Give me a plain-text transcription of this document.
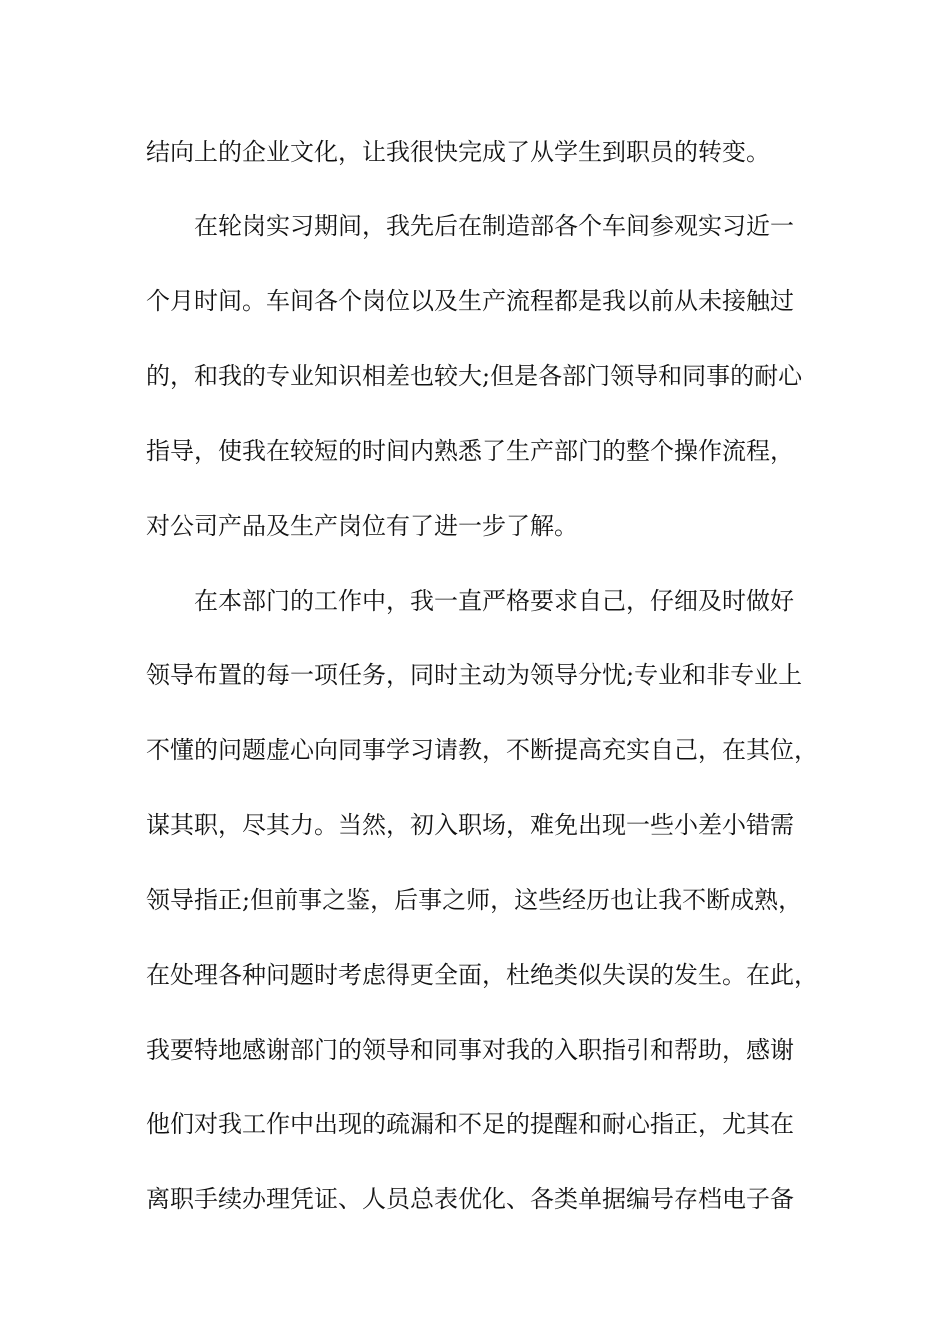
结向上的企业文化，让我很快完成了从学生到职员的转变。
在轮岗实习期间，我先后在制造部各个车间参观实习近一
个月时间。车间各个岗位以及生产流程都是我以前从未接触过
的，和我的专业知识相差也较大;但是各部门领导和同事的耐心
指导，使我在较短的时间内熟悉了生产部门的整个操作流程，
对公司产品及生产岗位有了进一步了解。
在本部门的工作中，我一直严格要求自己，仔细及时做好
领导布置的每一项任务，同时主动为领导分忧;专业和非专业上
不懂的问题虚心向同事学习请教，不断提高充实自己，在其位，
谋其职，尽其力。当然，初入职场，难免出现一些小差小错需
领导指正;但前事之鉴，后事之师，这些经历也让我不断成熟，
在处理各种问题时考虑得更全面，杜绝类似失误的发生。在此，
我要特地感谢部门的领导和同事对我的入职指引和帮助，感谢
他们对我工作中出现的疏漏和不足的提醒和耐心指正，尤其在
离职手续办理凭证、人员总表优化、各类单据编号存档电子备
